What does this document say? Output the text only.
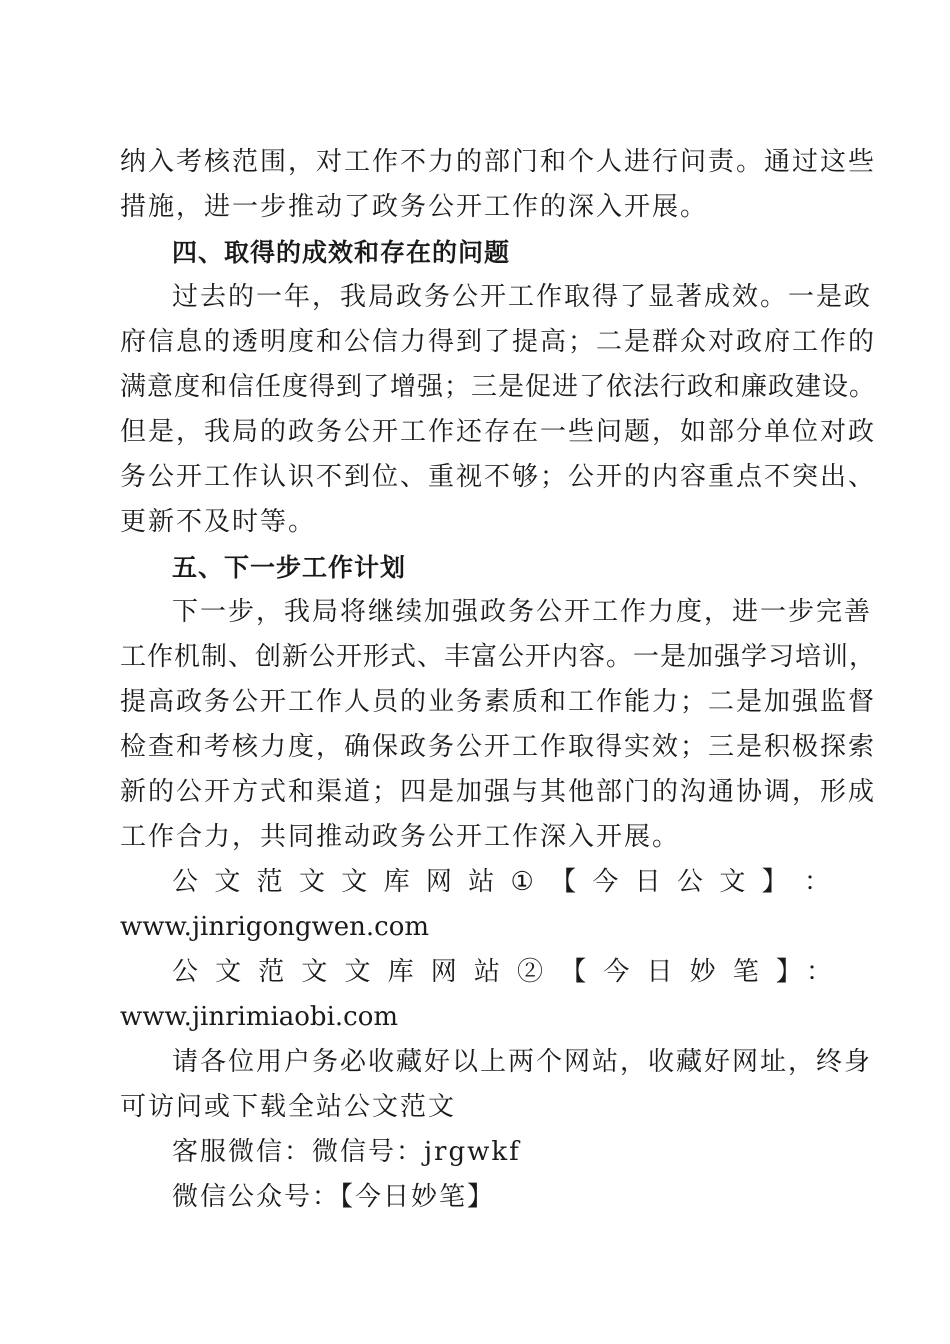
纳入考核范围，对工作不力的部门和个人进行问责。通过这些
措施，进一步推动了政务公开工作的深入开展。

四、取得的成效和存在的问题

过去的一年，我局政务公开工作取得了显著成效。一是政
府信息的透明度和公信力得到了提高；二是群众对政府工作的
满意度和信任度得到了增强；三是促进了依法行政和廉政建设。
但是，我局的政务公开工作还存在一些问题，如部分单位对政
务公开工作认识不到位、重视不够；公开的内容重点不突出、
更新不及时等。

五、下一步工作计划

下一步，我局将继续加强政务公开工作力度，进一步完善
工作机制、创新公开形式、丰富公开内容。一是加强学习培训，
提高政务公开工作人员的业务素质和工作能力；二是加强监督
检查和考核力度，确保政务公开工作取得实效；三是积极探索
新的公开方式和渠道；四是加强与其他部门的沟通协调，形成
工作合力，共同推动政务公开工作深入开展。

公 文 范 文 文 库 网 站 ① 【 今 日 公 文 】 ：
www.jinrigongwen.com

公文范文文库网站②【今日妙笔】：www.jinrimiaobi.com

请各位用户务必收藏好以上两个网站，收藏好网址，终身
可访问或下载全站公文范文

客服微信：微信号：jrgwkf

微信公众号：【今日妙笔】
